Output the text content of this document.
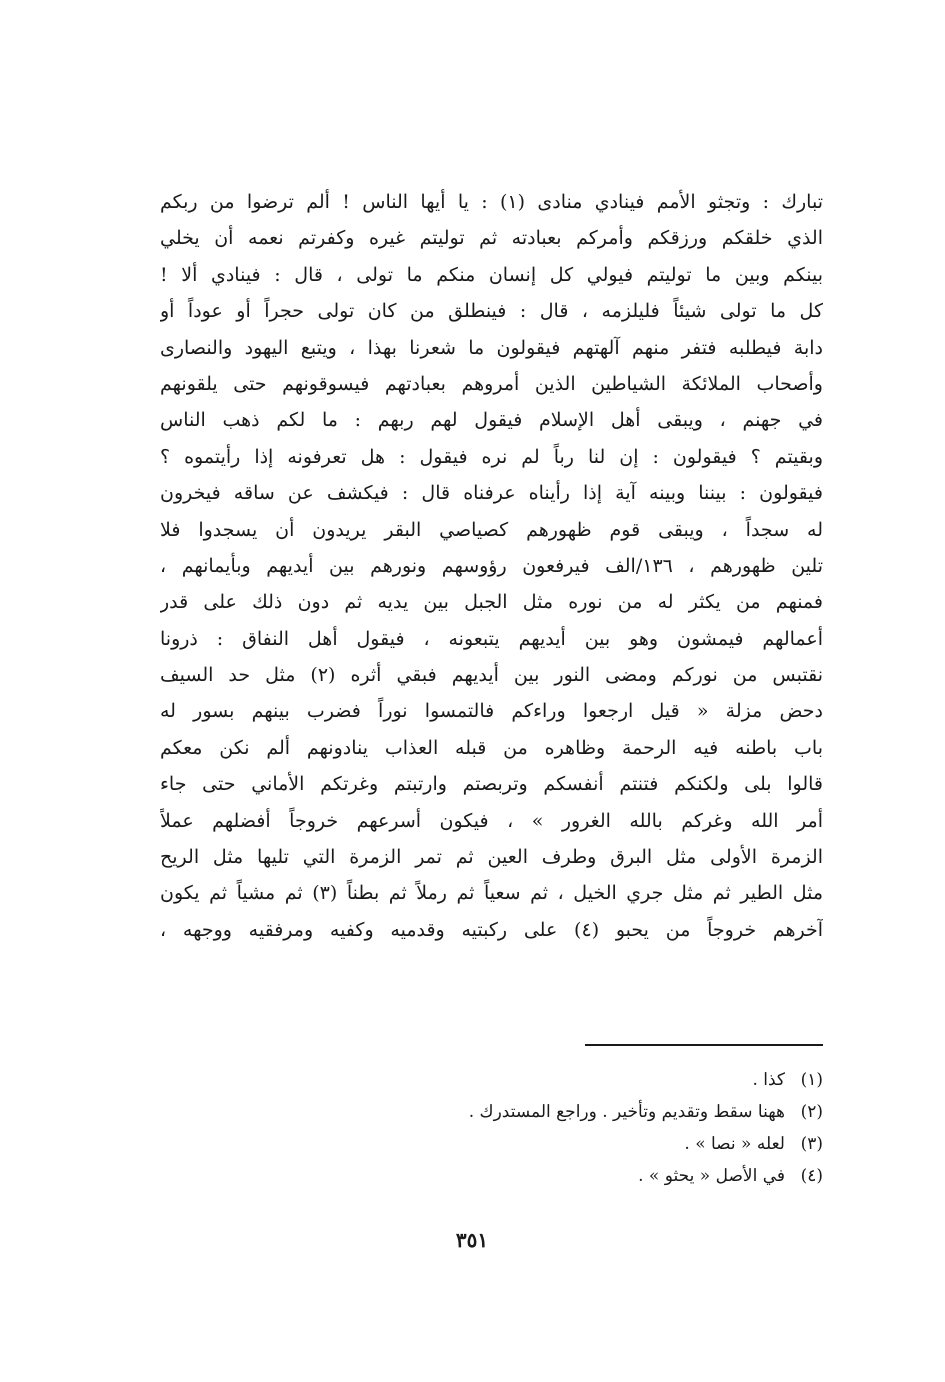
تبارك : وتجثو الأمم فينادي منادى (١) : يا أيها الناس ! ألم ترضوا من ربكم
الذي خلقكم ورزقكم وأمركم بعبادته ثم توليتم غيره وكفرتم نعمه أن يخلي
بينكم وبين ما توليتم فيولي كل إنسان منكم ما تولى ، قال : فينادي ألا !
كل ما تولى شيئاً فليلزمه ، قال : فينطلق من كان تولى حجراً أو عوداً أو
دابة فيطلبه فتفر منهم آلهتهم فيقولون ما شعرنا بهذا ، ويتبع اليهود والنصارى
وأصحاب الملائكة الشياطين الذين أمروهم بعبادتهم فيسوقونهم حتى يلقونهم
في جهنم ، ويبقى أهل الإسلام فيقول لهم ربهم : ما لكم ذهب الناس
وبقيتم ؟ فيقولون : إن لنا رباً لم نره فيقول : هل تعرفونه إذا رأيتموه ؟
فيقولون : بيننا وبينه آية إذا رأيناه عرفناه قال : فيكشف عن ساقه فيخرون
له سجداً ، ويبقى قوم ظهورهم كصياصي البقر يريدون أن يسجدوا فلا
تلين ظهورهم ، ١٣٦/الف فيرفعون رؤوسهم ونورهم بين أيديهم وبأيمانهم ،
فمنهم من يكثر له من نوره مثل الجبل بين يديه ثم دون ذلك على قدر
أعمالهم فيمشون وهو بين أيديهم يتبعونه ، فيقول أهل النفاق : ذرونا
نقتبس من نوركم ومضى النور بين أيديهم فبقي أثره (٢) مثل حد السيف
دحض مزلة « قيل ارجعوا وراءكم فالتمسوا نوراً فضرب بينهم بسور له
باب باطنه فيه الرحمة وظاهره من قبله العذاب ينادونهم ألم نكن معكم
قالوا بلى ولكنكم فتنتم أنفسكم وتربصتم وارتبتم وغرتكم الأماني حتى جاء
أمر الله وغركم بالله الغرور » ، فيكون أسرعهم خروجاً أفضلهم عملاً
الزمرة الأولى مثل البرق وطرف العين ثم تمر الزمرة التي تليها مثل الريح
مثل الطير ثم مثل جري الخيل ، ثم سعياً ثم رملاً ثم بطناً (٣) ثم مشياً ثم يكون
آخرهم خروجاً من يحبو (٤) على ركبتيه وقدميه وكفيه ومرفقيه ووجهه ،
(١)
كذا .
(٢)
ههنا سقط وتقديم وتأخير . وراجع المستدرك .
(٣)
لعله « نصا » .
(٤)
في الأصل « يحثو » .
٣٥١
